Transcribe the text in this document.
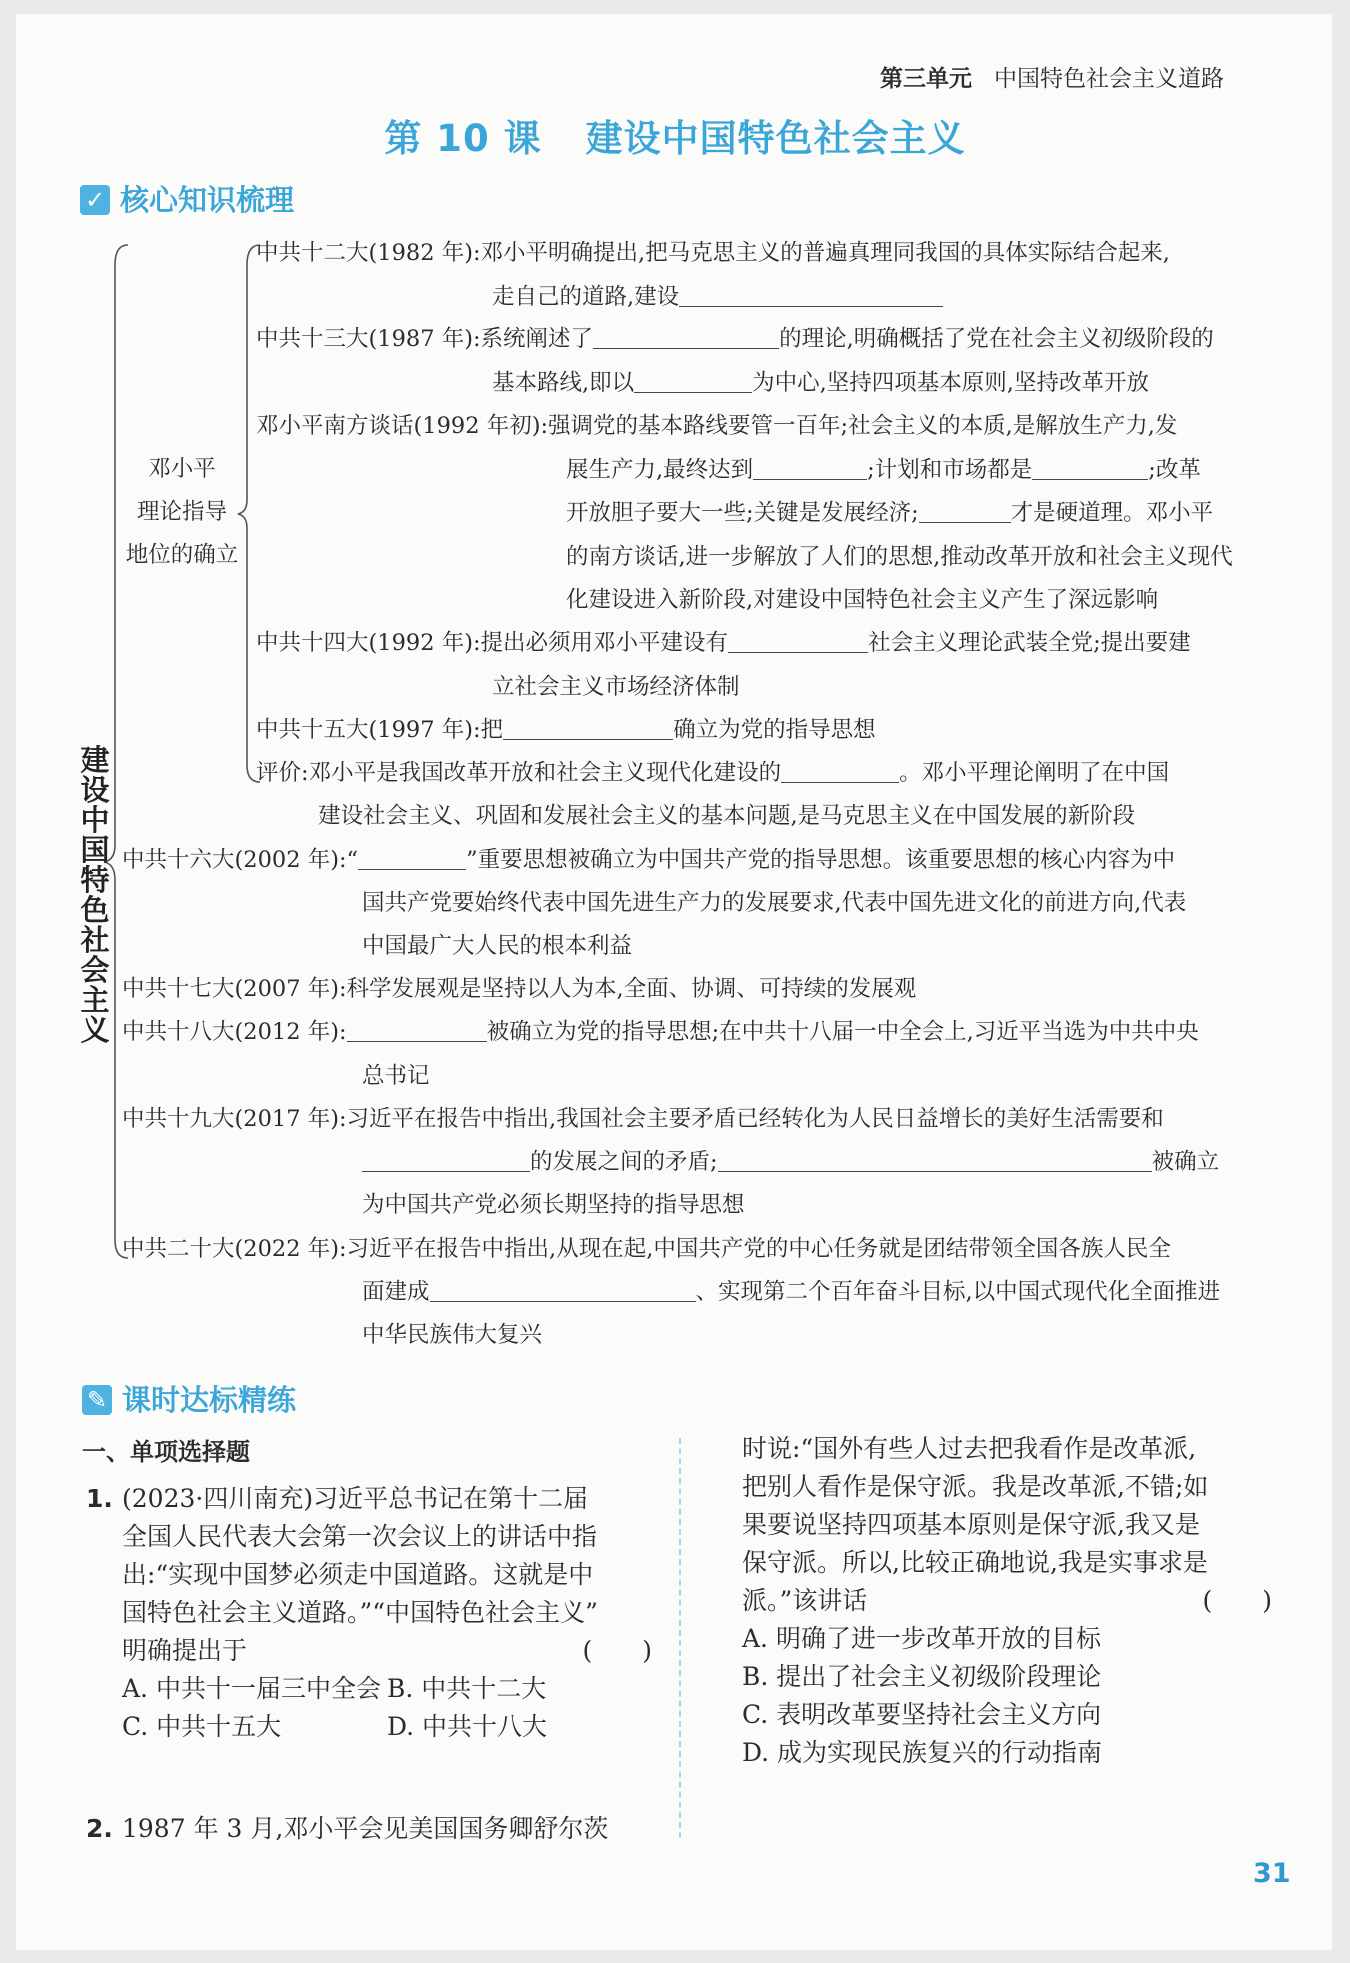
第三单元 中国特色社会主义道路
第 10 课 建设中国特色社会主义
✓ 核心知识梳理
建设中国特色社会主义
邓小平
理论指导
地位的确立
中共十二大(1982 年):邓小平明确提出,把马克思主义的普遍真理同我国的具体实际结合起来,
走自己的道路,建设
中共十三大(1987 年):系统阐述了	的理论,明确概括了党在社会主义初级阶段的
基本路线,即以	为中心,坚持四项基本原则,坚持改革开放
邓小平南方谈话(1992 年初):强调党的基本路线要管一百年;社会主义的本质,是解放生产力,发
展生产力,最终达到	;计划和市场都是	;改革
开放胆子要大一些;关键是发展经济;	才是硬道理。邓小平
的南方谈话,进一步解放了人们的思想,推动改革开放和社会主义现代
化建设进入新阶段,对建设中国特色社会主义产生了深远影响
中共十四大(1992 年):提出必须用邓小平建设有	社会主义理论武装全党;提出要建
立社会主义市场经济体制
中共十五大(1997 年):把	确立为党的指导思想
评价:邓小平是我国改革开放和社会主义现代化建设的	。邓小平理论阐明了在中国
建设社会主义、巩固和发展社会主义的基本问题,是马克思主义在中国发展的新阶段
中共十六大(2002 年):“	”重要思想被确立为中国共产党的指导思想。该重要思想的核心内容为中
国共产党要始终代表中国先进生产力的发展要求,代表中国先进文化的前进方向,代表
中国最广大人民的根本利益
中共十七大(2007 年):科学发展观是坚持以人为本,全面、协调、可持续的发展观
中共十八大(2012 年):	被确立为党的指导思想;在中共十八届一中全会上,习近平当选为中共中央
总书记
中共十九大(2017 年):习近平在报告中指出,我国社会主要矛盾已经转化为人民日益增长的美好生活需要和
的发展之间的矛盾;	被确立
为中国共产党必须长期坚持的指导思想
中共二十大(2022 年):习近平在报告中指出,从现在起,中国共产党的中心任务就是团结带领全国各族人民全
面建成	、实现第二个百年奋斗目标,以中国式现代化全面推进
中华民族伟大复兴
✎ 课时达标精练
一、单项选择题
1. (2023·四川南充)习近平总书记在第十二届
全国人民代表大会第一次会议上的讲话中指
出:“实现中国梦必须走中国道路。这就是中
国特色社会主义道路。”“中国特色社会主义”
明确提出于	(　　)
A. 中共十一届三中全会 B. 中共十二大
C. 中共十五大	D. 中共十八大
2. 1987 年 3 月,邓小平会见美国国务卿舒尔茨
时说:“国外有些人过去把我看作是改革派,
把别人看作是保守派。我是改革派,不错;如
果要说坚持四项基本原则是保守派,我又是
保守派。所以,比较正确地说,我是实事求是
派。”该讲话	(　　)
A. 明确了进一步改革开放的目标
B. 提出了社会主义初级阶段理论
C. 表明改革要坚持社会主义方向
D. 成为实现民族复兴的行动指南
31
